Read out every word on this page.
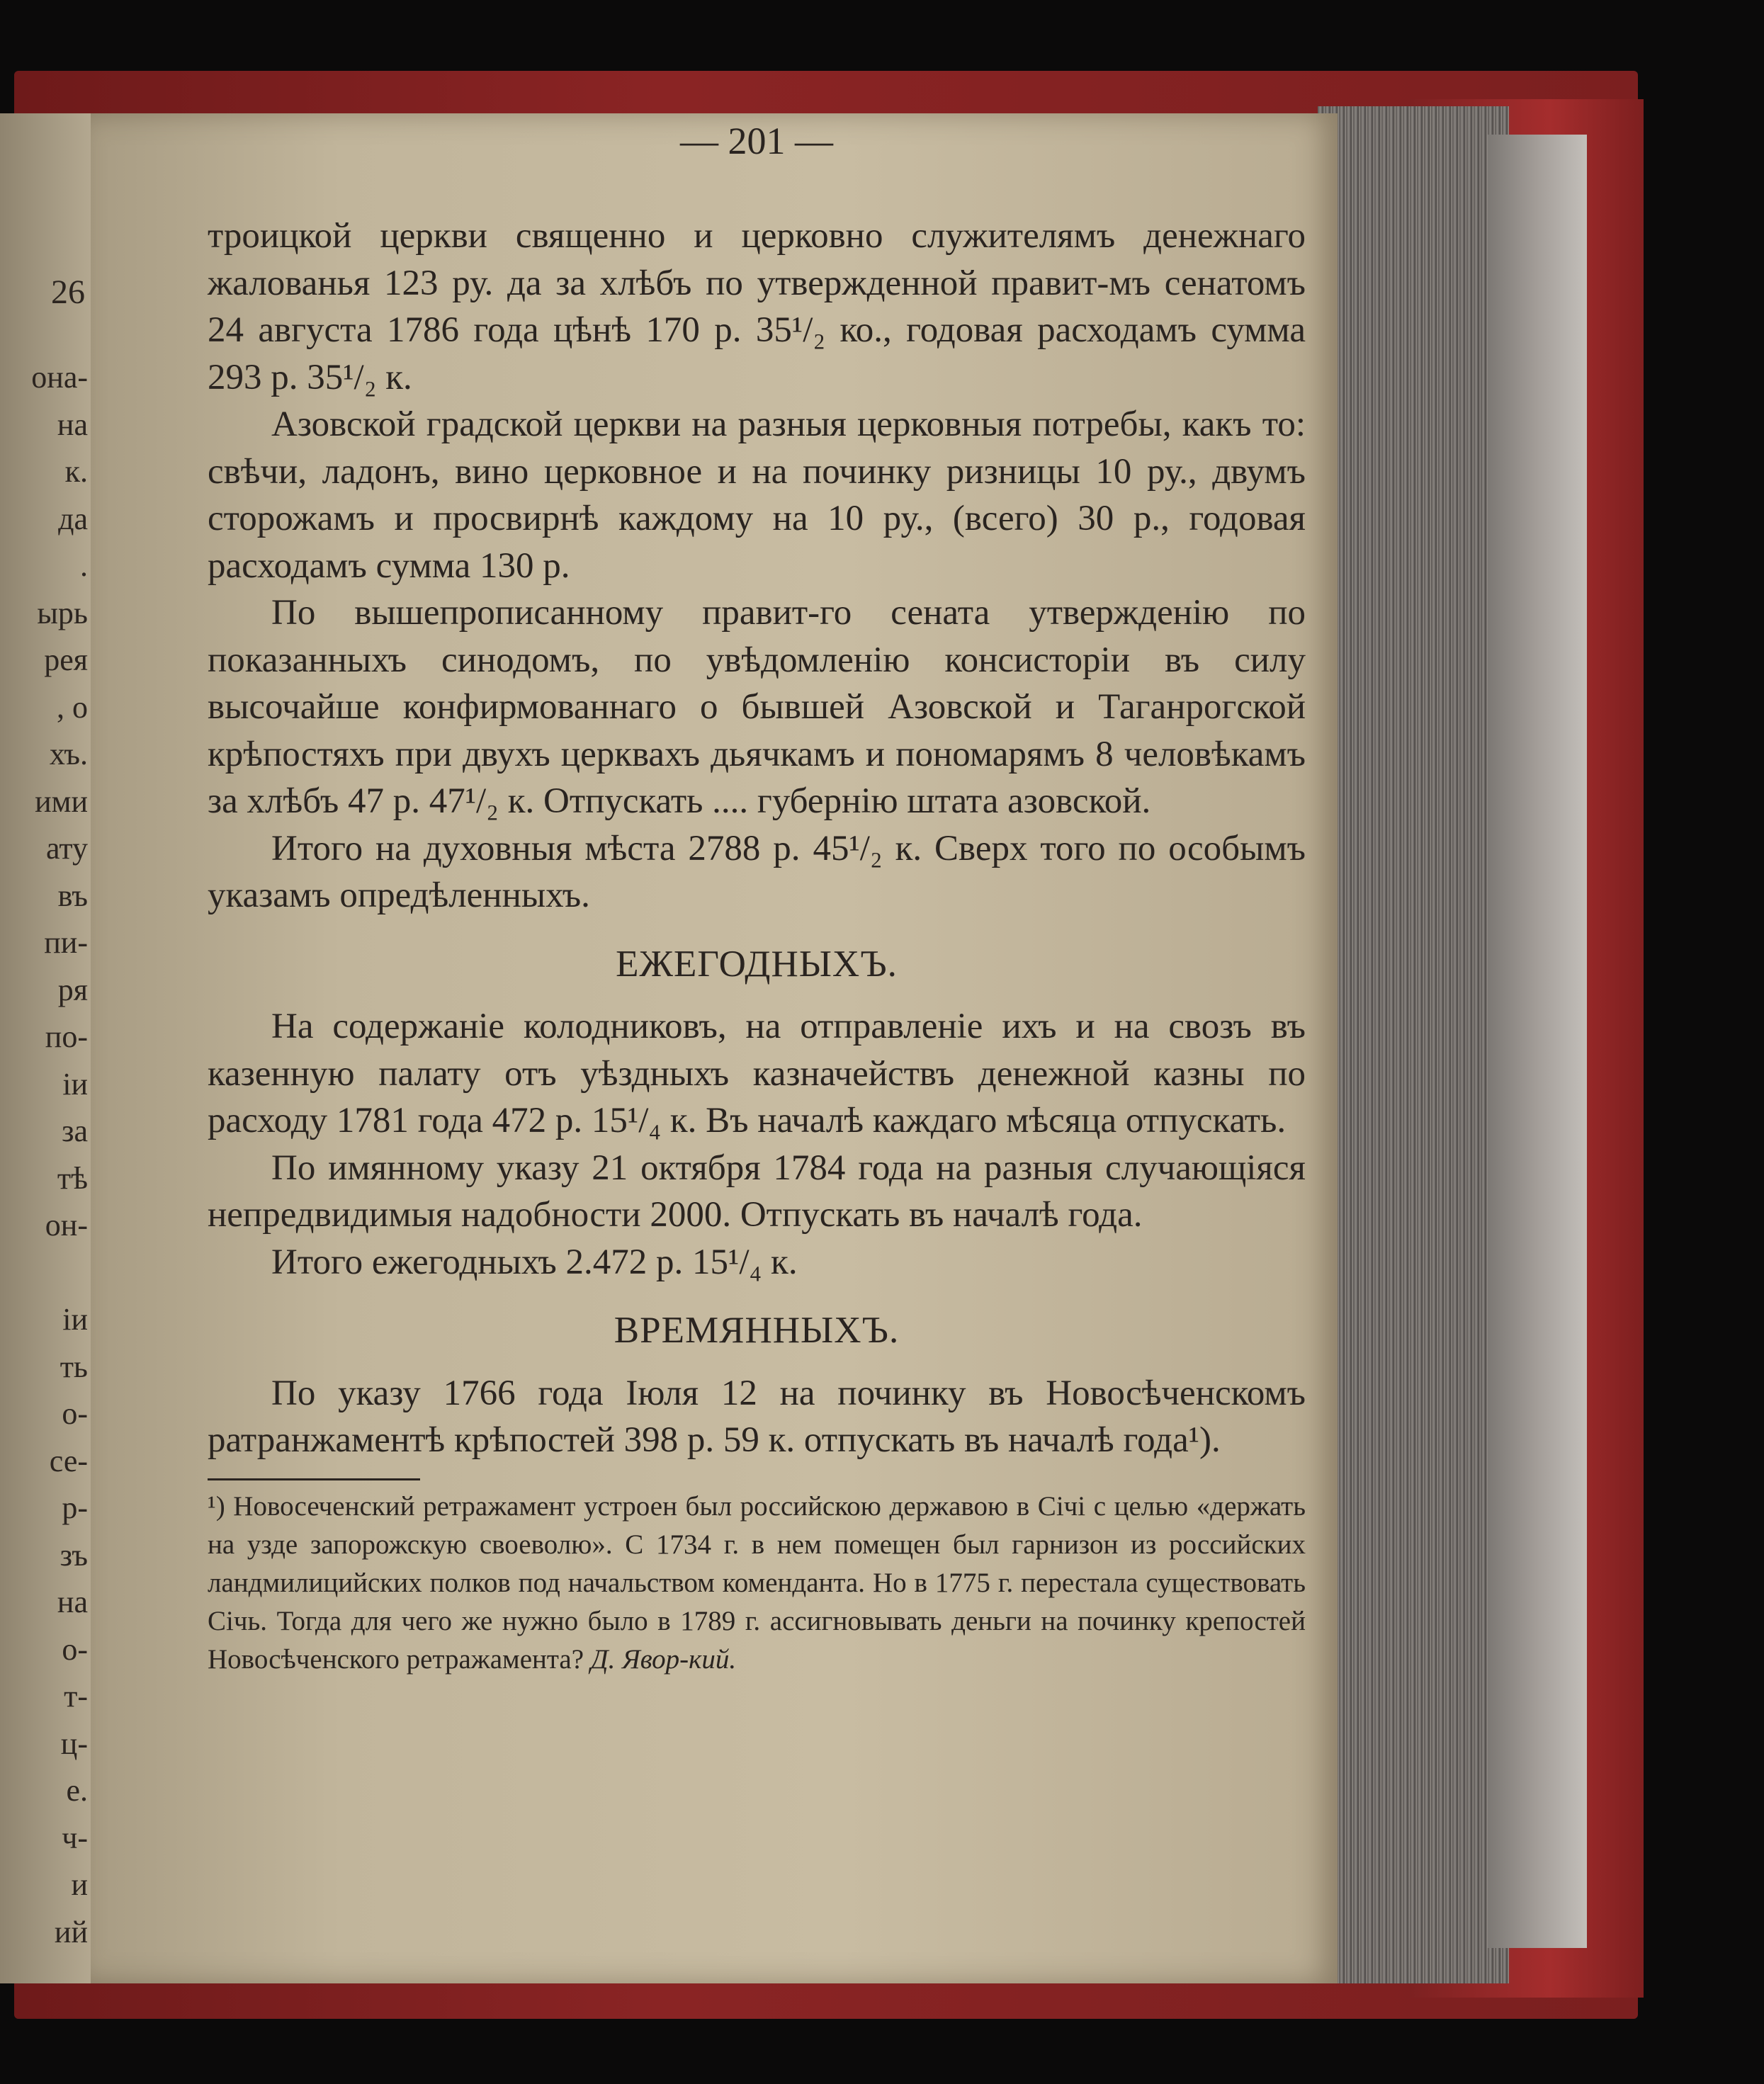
26
она-
на
к.
да
.
ырь
рея
, о
хъ.
ими
ату
въ
пи-
ря
по-
іи
за
тѣ
он-

іи
ть
о-
се-
р-
зъ
на
о-
т-
ц-
е.
ч-
и
ий
— 201 —

троицкой церкви священно и церковно служителямъ денежнаго жалованья 123 ру. да за хлѣбъ по утвержденной правит-мъ сенатомъ 24 августа 1786 года цѣнѣ 170 р. 35¹/₂ ко., годовая расходамъ сумма 293 р. 35¹/₂ к.

Азовской градской церкви на разныя церковныя потребы, какъ то: свѣчи, ладонъ, вино церковное и на починку ризницы 10 ру., двумъ сторожамъ и просвирнѣ каждому на 10 ру., (всего) 30 р., годовая расходамъ сумма 130 р.

По вышепрописанному правит-го сената утвержденію по показанныхъ синодомъ, по увѣдомленію консисторіи въ силу высочайше конфирмованнаго о бывшей Азовской и Таганрогской крѣпостяхъ при двухъ церквахъ дьячкамъ и пономарямъ 8 человѣкамъ за хлѣбъ 47 р. 47¹/₂ к. Отпускать .... губернію штата азовской.

Итого на духовныя мѣста 2788 р. 45¹/₂ к. Сверх того по особымъ указамъ опредѣленныхъ.

ЕЖЕГОДНЫХЪ.

На содержаніе колодниковъ, на отправленіе ихъ и на свозъ въ казенную палату отъ уѣздныхъ казначействъ денежной казны по расходу 1781 года 472 р. 15¹/₄ к. Въ началѣ каждаго мѣсяца отпускать.

По имянному указу 21 октября 1784 года на разныя случающіяся непредвидимыя надобности 2000. Отпускать въ началѣ года.

Итого ежегодныхъ 2.472 р. 15¹/₄ к.

ВРЕМЯННЫХЪ.

По указу 1766 года Іюля 12 на починку въ Новосѣченскомъ ратранжаментѣ крѣпостей 398 р. 59 к. отпускать въ началѣ года¹).

¹) Новосеченский ретражамент устроен был российскою державою в Січі с целью «держать на узде запорожскую своеволю». С 1734 г. в нем помещен был гарнизон из российских ландмилицийских полков под начальством коменданта. Но в 1775 г. перестала существовать Січь. Тогда для чего же нужно было в 1789 г. ассигновывать деньги на починку крепостей Новосѣченского ретражамента? Д. Явор-кий.
